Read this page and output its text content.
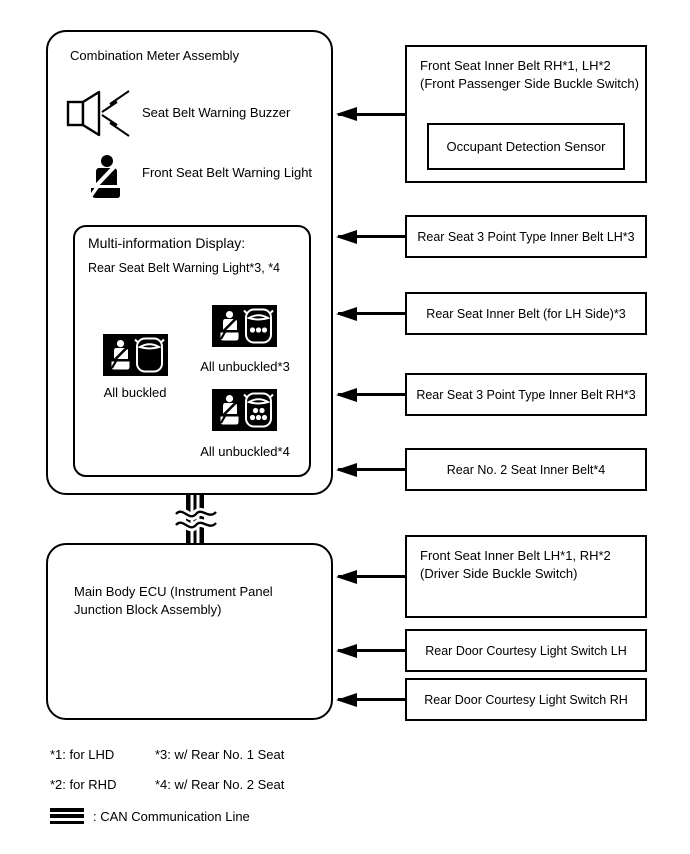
Combination Meter Assembly
Seat Belt Warning Buzzer
Front Seat Belt Warning Light
Multi-information Display:
Rear Seat Belt Warning Light*3, *4
All buckled
All unbuckled*3
All unbuckled*4
Front Seat Inner Belt RH*1, LH*2
(Front Passenger Side Buckle Switch)
Occupant Detection Sensor
Rear Seat 3 Point Type Inner Belt LH*3
Rear Seat Inner Belt (for LH Side)*3
Rear Seat 3 Point Type Inner Belt RH*3
Rear No. 2 Seat Inner Belt*4
Main Body ECU (Instrument Panel
Junction Block Assembly)
Front Seat Inner Belt LH*1, RH*2
(Driver Side Buckle Switch)
Rear Door Courtesy Light Switch LH
Rear Door Courtesy Light Switch RH
*1: for LHD
*2: for RHD
*3: w/ Rear No. 1 Seat
*4: w/ Rear No. 2 Seat
: CAN Communication Line
